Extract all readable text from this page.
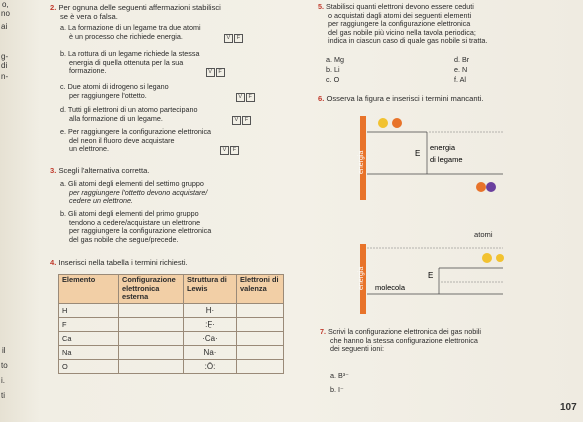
o,
no
ai
g-
di
n-
il
to
i.
ti
2. Per ognuna delle seguenti affermazioni stabilisci
se è vera o falsa.
a. La formazione di un legame tra due atomi
è un processo che richiede energia.	V F
b. La rottura di un legame richiede la stessa
energia di quella ottenuta per la sua
formazione.	V F
c. Due atomi di idrogeno si legano
per raggiungere l'ottetto.	V F
d. Tutti gli elettroni di un atomo partecipano
alla formazione di un legame.	V F
e. Per raggiungere la configurazione elettronica
del neon il fluoro deve acquistare
un elettrone.	V F
3. Scegli l'alternativa corretta.
a. Gli atomi degli elementi del settimo gruppo
per raggiungere l'ottetto devono acquistare/
cedere un elettrone.
b. Gli atomi degli elementi del primo gruppo
tendono a cedere/acquistare un elettrone
per raggiungere la configurazione elettronica
del gas nobile che segue/precede.
4. Inserisci nella tabella i termini richiesti.
Elemento	Configurazione elettronica esterna	Struttura di Lewis	Elettroni di valenza
H		H·	
F		:F̤·	
Ca		·Ca·	
Na		Na·	
O		:Ö:	
5. Stabilisci quanti elettroni devono essere ceduti
o acquistati dagli atomi dei seguenti elementi
per raggiungere la configurazione elettronica
del gas nobile più vicino nella tavola periodica;
indica in ciascun caso di quale gas nobile si tratta.
a. Mg
b. Li
c. O
d. Br
e. N
f. Al
6. Osserva la figura e inserisci i termini mancanti.
energia	E
energia
di legame
atomi
energia	E
molecola
7. Scrivi la configurazione elettronica dei gas nobili
che hanno la stessa configurazione elettronica
dei seguenti ioni:
a. B³⁻
b. I⁻
107
